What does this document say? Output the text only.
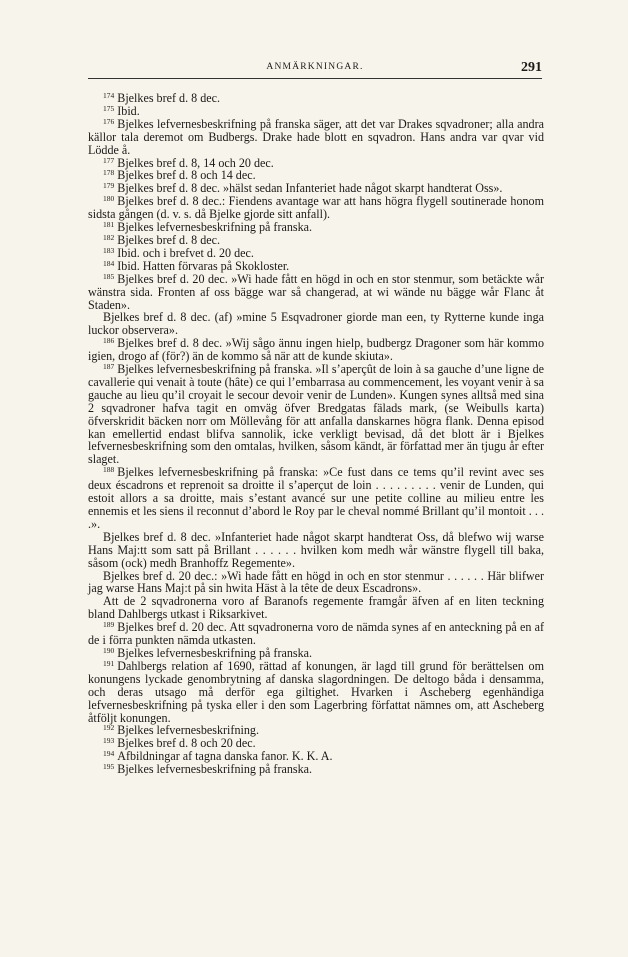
ANMÄRKNINGAR.	291

$^{174}$ Bjelkes bref d. 8 dec.

$^{175}$ Ibid.

$^{176}$ Bjelkes lefvernesbeskrifning på franska säger, att det var Drakes sqvadroner; alla andra källor tala deremot om Budbergs. Drake hade blott en sqvadron. Hans andra var qvar vid Lödde å.

$^{177}$ Bjelkes bref d. 8, 14 och 20 dec.

$^{178}$ Bjelkes bref d. 8 och 14 dec.

$^{179}$ Bjelkes bref d. 8 dec. »hälst sedan Infanteriet hade något skarpt handterat Oss».

$^{180}$ Bjelkes bref d. 8 dec.: Fiendens avantage war att hans högra flygell soutinerade honom sidsta gången (d. v. s. då Bjelke gjorde sitt anfall).

$^{181}$ Bjelkes lefvernesbeskrifning på franska.

$^{182}$ Bjelkes bref d. 8 dec.

$^{183}$ Ibid. och i brefvet d. 20 dec.

$^{184}$ Ibid. Hatten förvaras på Skokloster.

$^{185}$ Bjelkes bref d. 20 dec. »Wi hade fått en högd in och en stor stenmur, som betäckte wår wänstra sida. Fronten af oss bägge war så changerad, at wi wände nu bägge wår Flanc åt Staden».

Bjelkes bref d. 8 dec. (af) »mine 5 Esqvadroner giorde man een, ty Rytterne kunde inga luckor observera».

$^{186}$ Bjelkes bref d. 8 dec. »Wij sågo ännu ingen hielp, budbergz Dragoner som här kommo igien, drogo af (för?) än de kommo så när att de kunde skiuta».

$^{187}$ Bjelkes lefvernesbeskrifning på franska. »Il s’aperçût de loin à sa gauche d’une ligne de cavallerie qui venait à toute (hâte) ce qui l’embarrasa au commencement, les voyant venir à sa gauche au lieu qu’il croyait le secour devoir venir de Lunden». Kungen synes alltså med sina 2 sqvadroner hafva tagit en omväg öfver Bredgatas fälads mark, (se Weibulls karta) öfverskridit bäcken norr om Möllevång för att anfalla danskarnes högra flank. Denna episod kan emellertid endast blifva sannolik, icke verkligt bevisad, då det blott är i Bjelkes lefvernesbeskrifning som den omtalas, hvilken, såsom kändt, är författad mer än tjugu år efter slaget.

$^{188}$ Bjelkes lefvernesbeskrifning på franska: »Ce fust dans ce tems qu’il revint avec ses deux éscadrons et reprenoit sa droitte il s’aperçut de loin . . . . . . . . . venir de Lunden, qui estoit allors a sa droitte, mais s’estant avancé sur une petite colline au milieu entre les ennemis et les siens il reconnut d’abord le Roy par le cheval nommé Brillant qu’il montoit . . . .».

Bjelkes bref d. 8 dec. »Infanteriet hade något skarpt handterat Oss, då blefwo wij warse Hans Maj:tt som satt på Brillant . . . . . . hvilken kom medh wår wänstre flygell till baka, såsom (ock) medh Branhoffz Regemente».

Bjelkes bref d. 20 dec.: »Wi hade fått en högd in och en stor stenmur . . . . . . Här blifwer jag warse Hans Maj:t på sin hwita Häst à la tête de deux Escadrons».

Att de 2 sqvadronerna voro af Baranofs regemente framgår äfven af en liten teckning bland Dahlbergs utkast i Riksarkivet.

$^{189}$ Bjelkes bref d. 20 dec. Att sqvadronerna voro de nämda synes af en anteckning på en af de i förra punkten nämda utkasten.

$^{190}$ Bjelkes lefvernesbeskrifning på franska.

$^{191}$ Dahlbergs relation af 1690, rättad af konungen, är lagd till grund för berättelsen om konungens lyckade genombrytning af danska slagordningen. De deltogo båda i densamma, och deras utsago må derför ega giltighet. Hvarken i Ascheberg egenhändiga lefvernesbeskrifning på tyska eller i den som Lagerbring författat nämnes om, att Ascheberg åtföljt konungen.

$^{192}$ Bjelkes lefvernesbeskrifning.

$^{193}$ Bjelkes bref d. 8 och 20 dec.

$^{194}$ Afbildningar af tagna danska fanor. K. K. A.

$^{195}$ Bjelkes lefvernesbeskrifning på franska.
